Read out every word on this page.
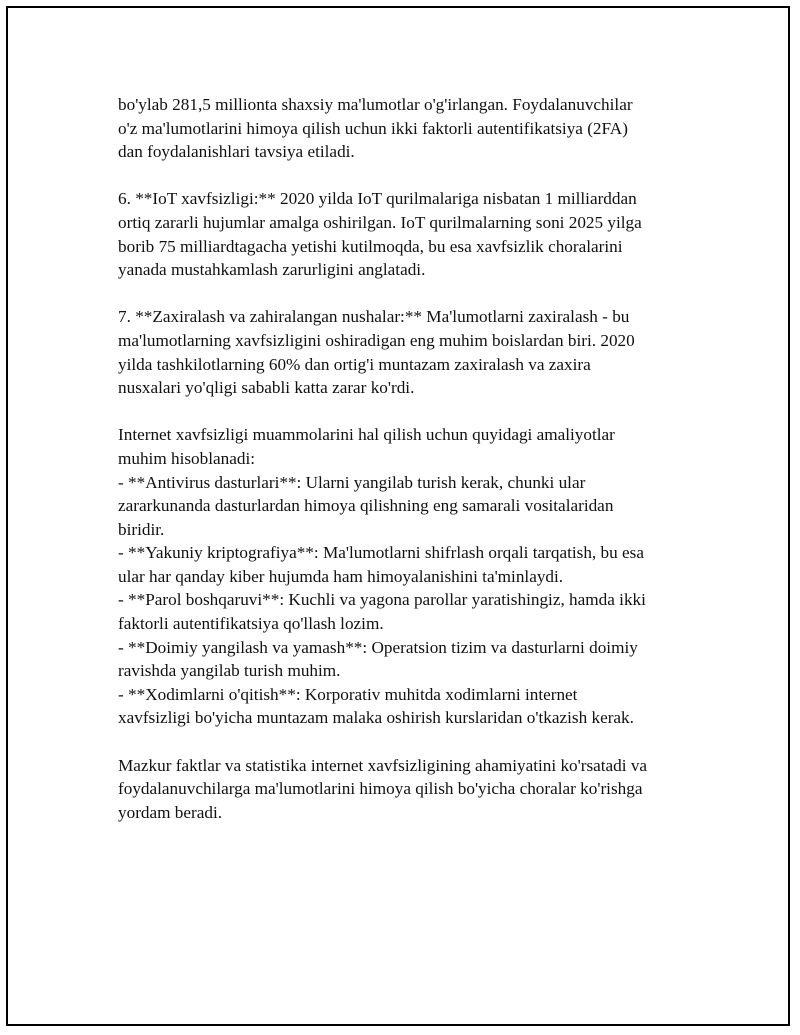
bo'ylab 281,5 millionta shaxsiy ma'lumotlar o'g'irlangan. Foydalanuvchilar
o'z ma'lumotlarini himoya qilish uchun ikki faktorli autentifikatsiya (2FA)
dan foydalanishlari tavsiya etiladi.

6. **IoT xavfsizligi:** 2020 yilda IoT qurilmalariga nisbatan 1 milliarddan
ortiq zararli hujumlar amalga oshirilgan. IoT qurilmalarning soni 2025 yilga
borib 75 milliardtagacha yetishi kutilmoqda, bu esa xavfsizlik choralarini
yanada mustahkamlash zarurligini anglatadi.

7. **Zaxiralash va zahiralangan nushalar:** Ma'lumotlarni zaxiralash - bu
ma'lumotlarning xavfsizligini oshiradigan eng muhim boislardan biri. 2020
yilda tashkilotlarning 60% dan ortig'i muntazam zaxiralash va zaxira
nusxalari yo'qligi sababli katta zarar ko'rdi.

Internet xavfsizligi muammolarini hal qilish uchun quyidagi amaliyotlar
muhim hisoblanadi:
- **Antivirus dasturlari**: Ularni yangilab turish kerak, chunki ular
zararkunanda dasturlardan himoya qilishning eng samarali vositalaridan
biridir.
- **Yakuniy kriptografiya**: Ma'lumotlarni shifrlash orqali tarqatish, bu esa
ular har qanday kiber hujumda ham himoyalanishini ta'minlaydi.
- **Parol boshqaruvi**: Kuchli va yagona parollar yaratishingiz, hamda ikki
faktorli autentifikatsiya qo'llash lozim.
- **Doimiy yangilash va yamash**: Operatsion tizim va dasturlarni doimiy
ravishda yangilab turish muhim.
- **Xodimlarni o'qitish**: Korporativ muhitda xodimlarni internet
xavfsizligi bo'yicha muntazam malaka oshirish kurslaridan o'tkazish kerak.

Mazkur faktlar va statistika internet xavfsizligining ahamiyatini ko'rsatadi va
foydalanuvchilarga ma'lumotlarini himoya qilish bo'yicha choralar ko'rishga
yordam beradi.
